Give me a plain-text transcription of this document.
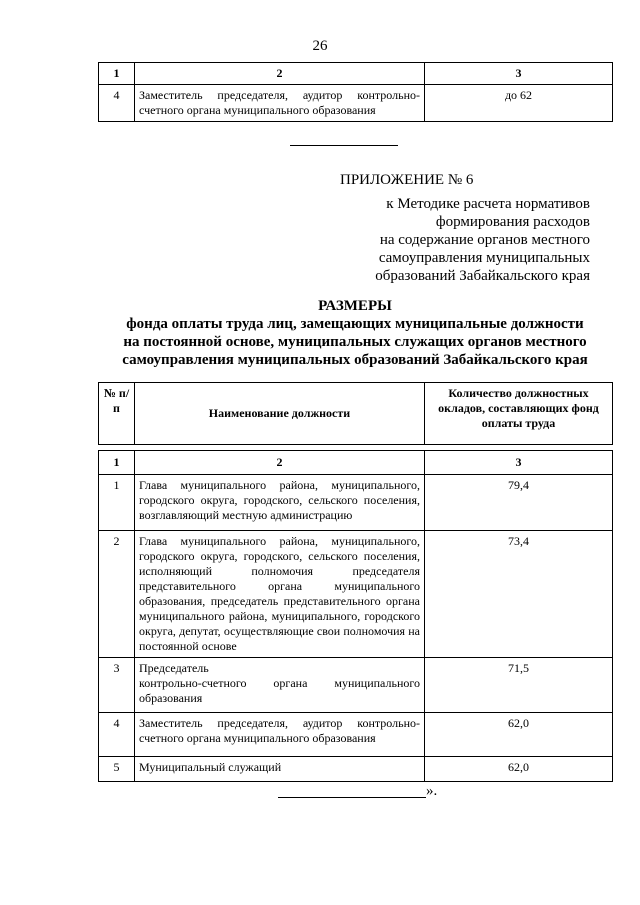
26
1	2	3
4	Заместитель председателя, аудитор контрольно-счетного органа муниципального образования	до 62
ПРИЛОЖЕНИЕ № 6
к Методике расчета нормативов
формирования расходов
на содержание органов местного
самоуправления муниципальных
образований Забайкальского края
РАЗМЕРЫ
фонда оплаты труда лиц, замещающих муниципальные должности
на постоянной основе, муниципальных служащих органов местного
самоуправления муниципальных образований Забайкальского края
№ п/п	Наименование должности	Количество должностных окладов, составляющих фонд оплаты труда
1	2	3
1	Глава муниципального района, муниципального, городского округа, городского, сельского поселения, возглавляющий местную администрацию	79,4
2	Глава муниципального района, муниципального, городского округа, городского, сельского поселения, исполняющий полномочия председателя представительного органа муниципального образования, председатель представительного органа муниципального района, муниципального, городского округа, депутат, осуществляющие свои полномочия на постоянной основе	73,4
3	Председатель
контрольно-счетного органа муниципального
образования	71,5
4	Заместитель председателя, аудитор контрольно-счетного органа муниципального образования	62,0
5	Муниципальный служащий	62,0
».
